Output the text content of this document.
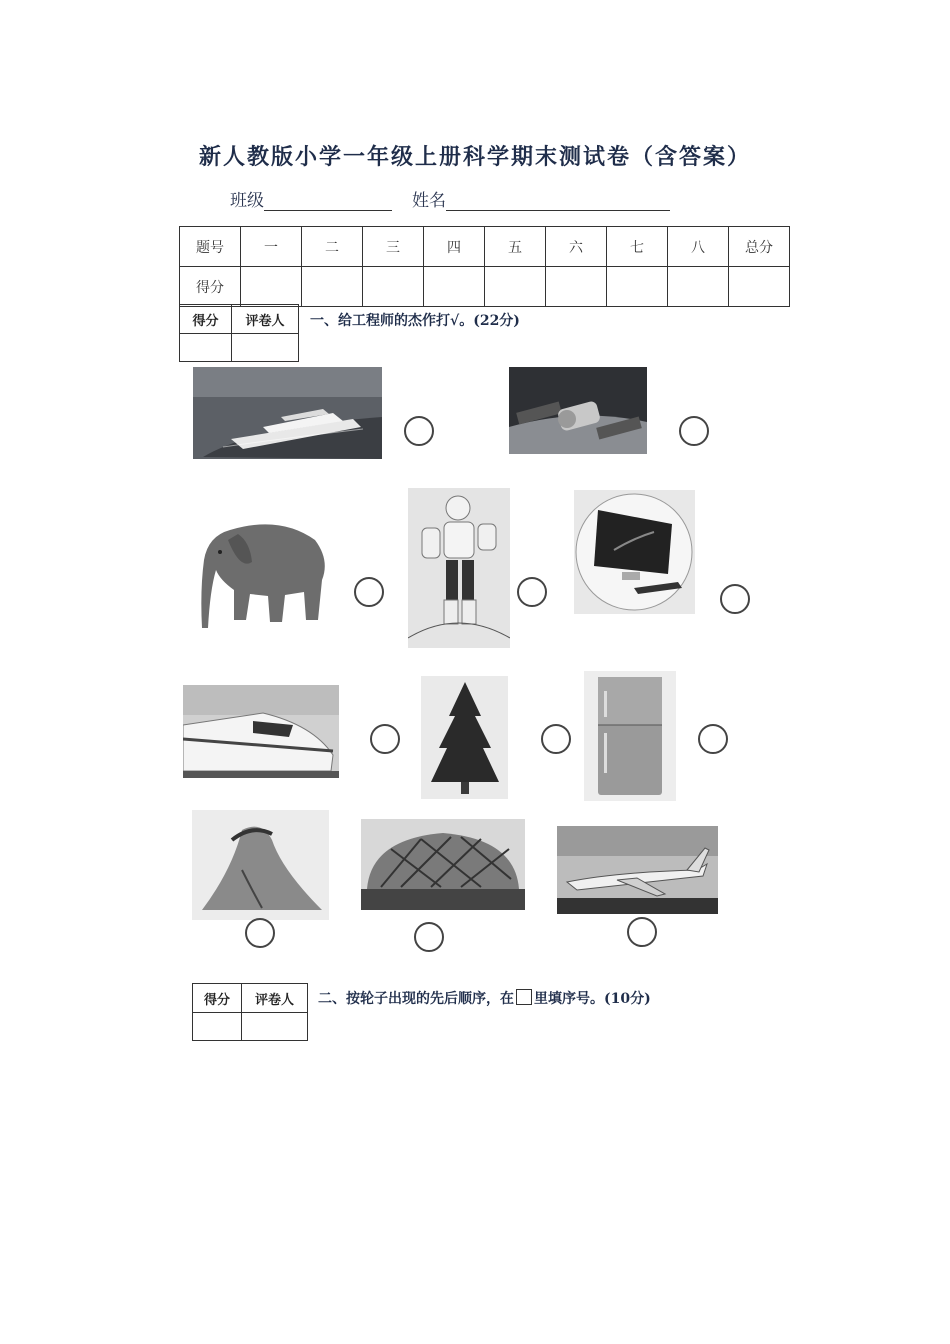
新人教版小学一年级上册科学期末测试卷（含答案）
班级	姓名
题号	一	二	三	四	五	六	七	八	总分
得分									
得分	评卷人
	一、给工程师的杰作打√。(22分)
得分	评卷人
	二、按轮子出现的先后顺序，在 里填序号。(10分)
